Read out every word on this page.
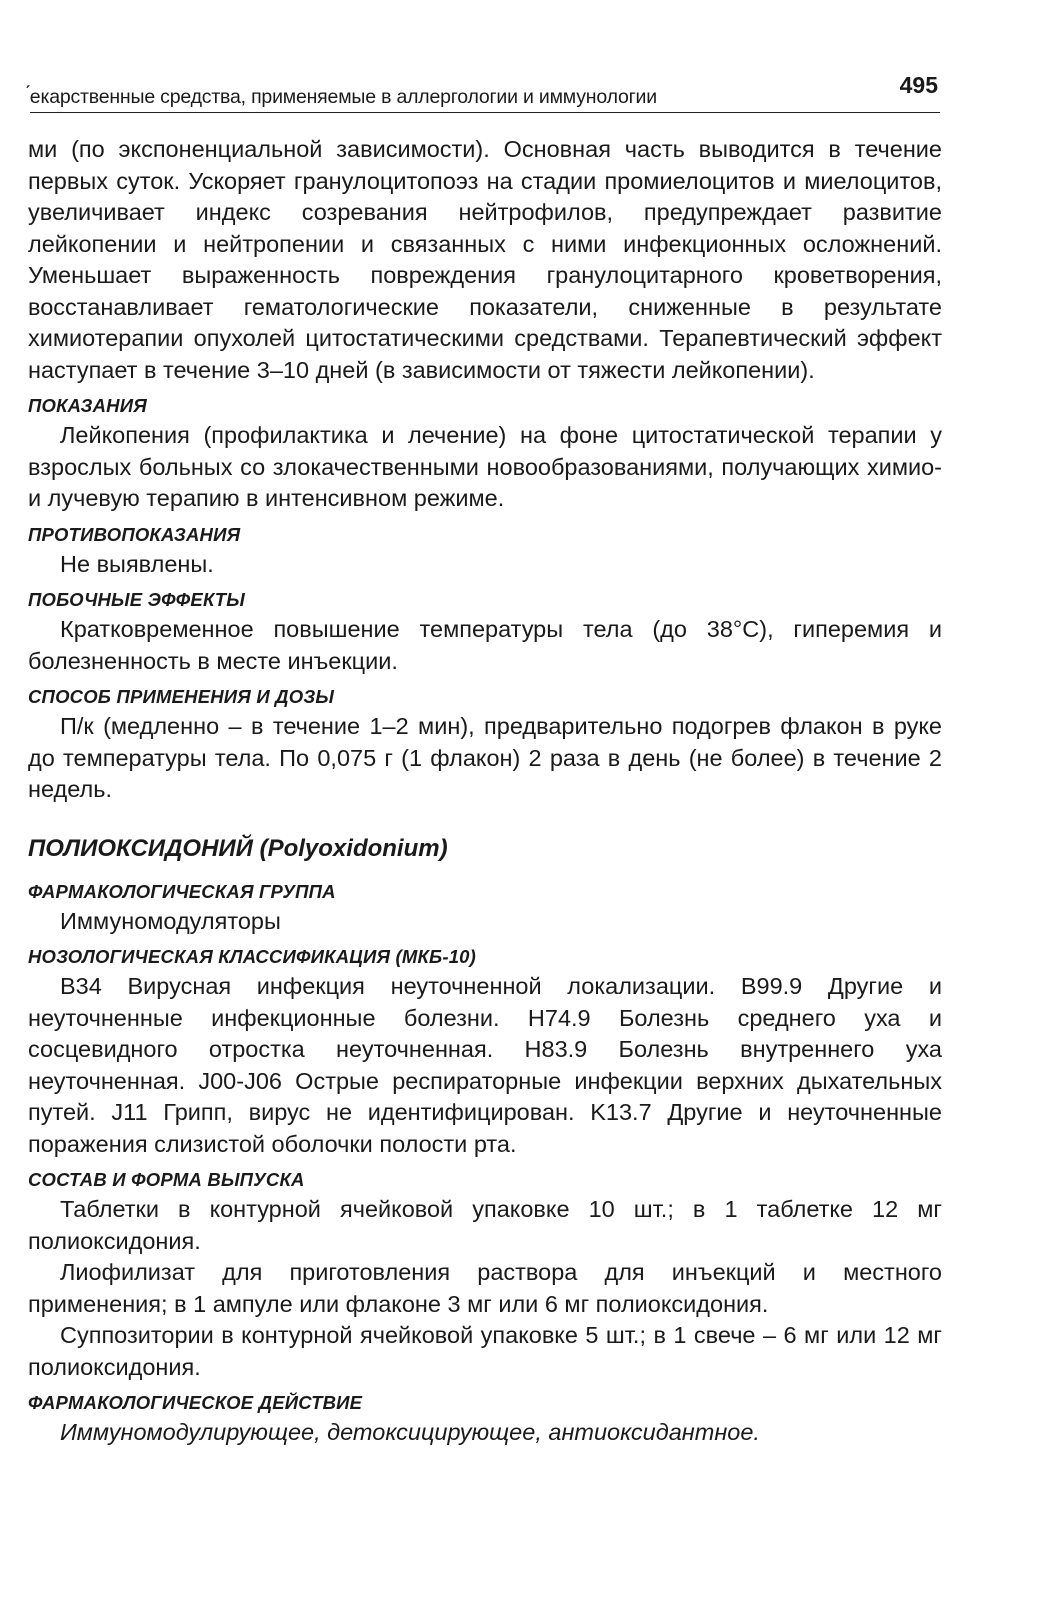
́екарственные средства, применяемые в аллергологии и иммунологии	495

ми (по экспоненциальной зависимости). Основная часть выводится в течение первых суток. Ускоряет гранулоцитопоэз на стадии промиелоцитов и миелоцитов, увеличивает индекс созревания нейтрофилов, предупреждает развитие лейкопении и нейтропении и связанных с ними инфекционных осложнений. Уменьшает выраженность повреждения гранулоцитарного кроветворения, восстанавливает гематологические показатели, сниженные в результате химиотерапии опухолей цитостатическими средствами. Терапевтический эффект наступает в течение 3–10 дней (в зависимости от тяжести лейкопении).

ПОКАЗАНИЯ

Лейкопения (профилактика и лечение) на фоне цитостатической терапии у взрослых больных со злокачественными новообразованиями, получающих химио- и лучевую терапию в интенсивном режиме.

ПРОТИВОПОКАЗАНИЯ

Не выявлены.

ПОБОЧНЫЕ ЭФФЕКТЫ

Кратковременное повышение температуры тела (до 38°С), гиперемия и болезненность в месте инъекции.

СПОСОБ ПРИМЕНЕНИЯ И ДОЗЫ

П/к (медленно – в течение 1–2 мин), предварительно подогрев флакон в руке до температуры тела. По 0,075 г (1 флакон) 2 раза в день (не более) в течение 2 недель.

ПОЛИОКСИДОНИЙ (Polyoxidonium)
ФАРМАКОЛОГИЧЕСКАЯ ГРУППА

Иммуномодуляторы

НОЗОЛОГИЧЕСКАЯ КЛАССИФИКАЦИЯ (МКБ-10)

B34 Вирусная инфекция неуточненной локализации. B99.9 Другие и неуточненные инфекционные болезни. H74.9 Болезнь среднего уха и сосцевидного отростка неуточненная. H83.9 Болезнь внутреннего уха неуточненная. J00-J06 Острые респираторные инфекции верхних дыхательных путей. J11 Грипп, вирус не идентифицирован. K13.7 Другие и неуточненные поражения слизистой оболочки полости рта.

СОСТАВ И ФОРМА ВЫПУСКА

Таблетки в контурной ячейковой упаковке 10 шт.; в 1 таблетке 12 мг полиоксидония.

Лиофилизат для приготовления раствора для инъекций и местного применения; в 1 ампуле или флаконе 3 мг или 6 мг полиоксидония.

Суппозитории в контурной ячейковой упаковке 5 шт.; в 1 свече – 6 мг или 12 мг полиоксидония.

ФАРМАКОЛОГИЧЕСКОЕ ДЕЙСТВИЕ

Иммуномодулирующее, детоксицирующее, антиоксидантное.
